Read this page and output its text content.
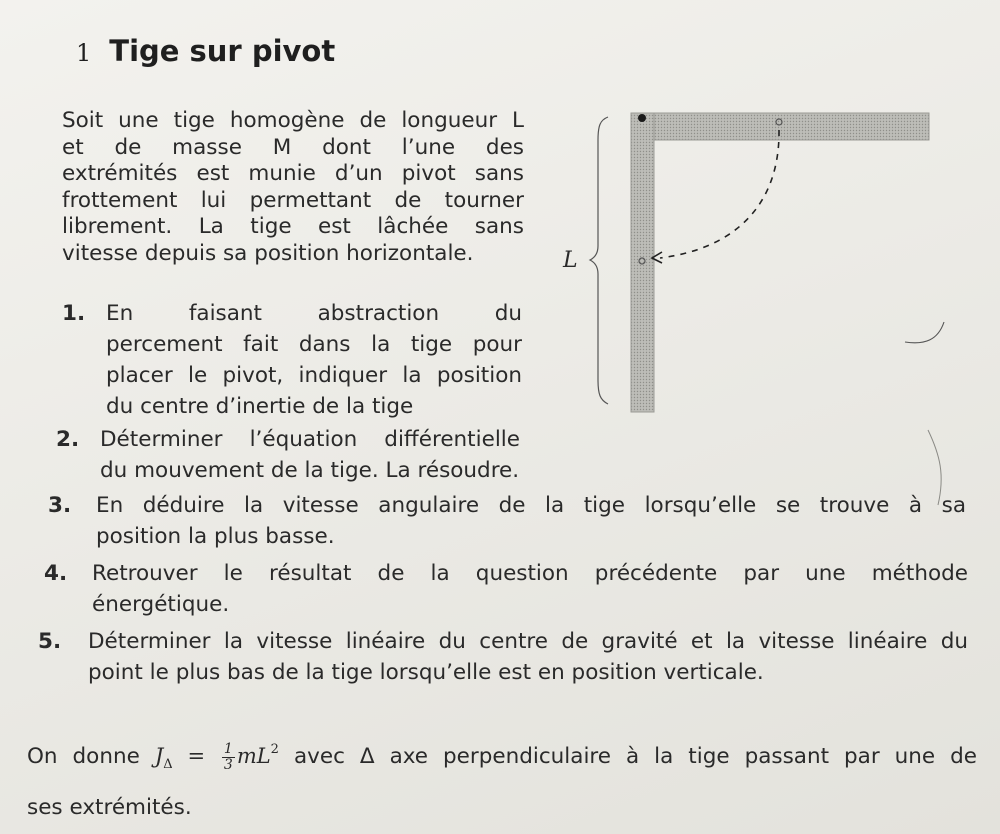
1 Tige sur pivot
Soit une tige homogène de longueur L
et de masse M dont l’une des
extrémités est munie d’un pivot sans
frottement lui permettant de tourner
librement. La tige est lâchée sans
vitesse depuis sa position horizontale.
1. En faisant abstraction du
percement fait dans la tige pour
placer le pivot, indiquer la position
du centre d’inertie de la tige
2. Déterminer l’équation différentielle
du mouvement de la tige. La résoudre.
3. En déduire la vitesse angulaire de la tige lorsqu’elle se trouve à sa
position la plus basse.
4. Retrouver le résultat de la question précédente par une méthode
énergétique.
5. Déterminer la vitesse linéaire du centre de gravité et la vitesse linéaire du
point le plus bas de la tige lorsqu’elle est en position verticale.
On donne $J_\Delta = \frac{1}{3} mL^2$ avec Δ axe perpendiculaire à la tige passant par une de
ses extrémités.
L
